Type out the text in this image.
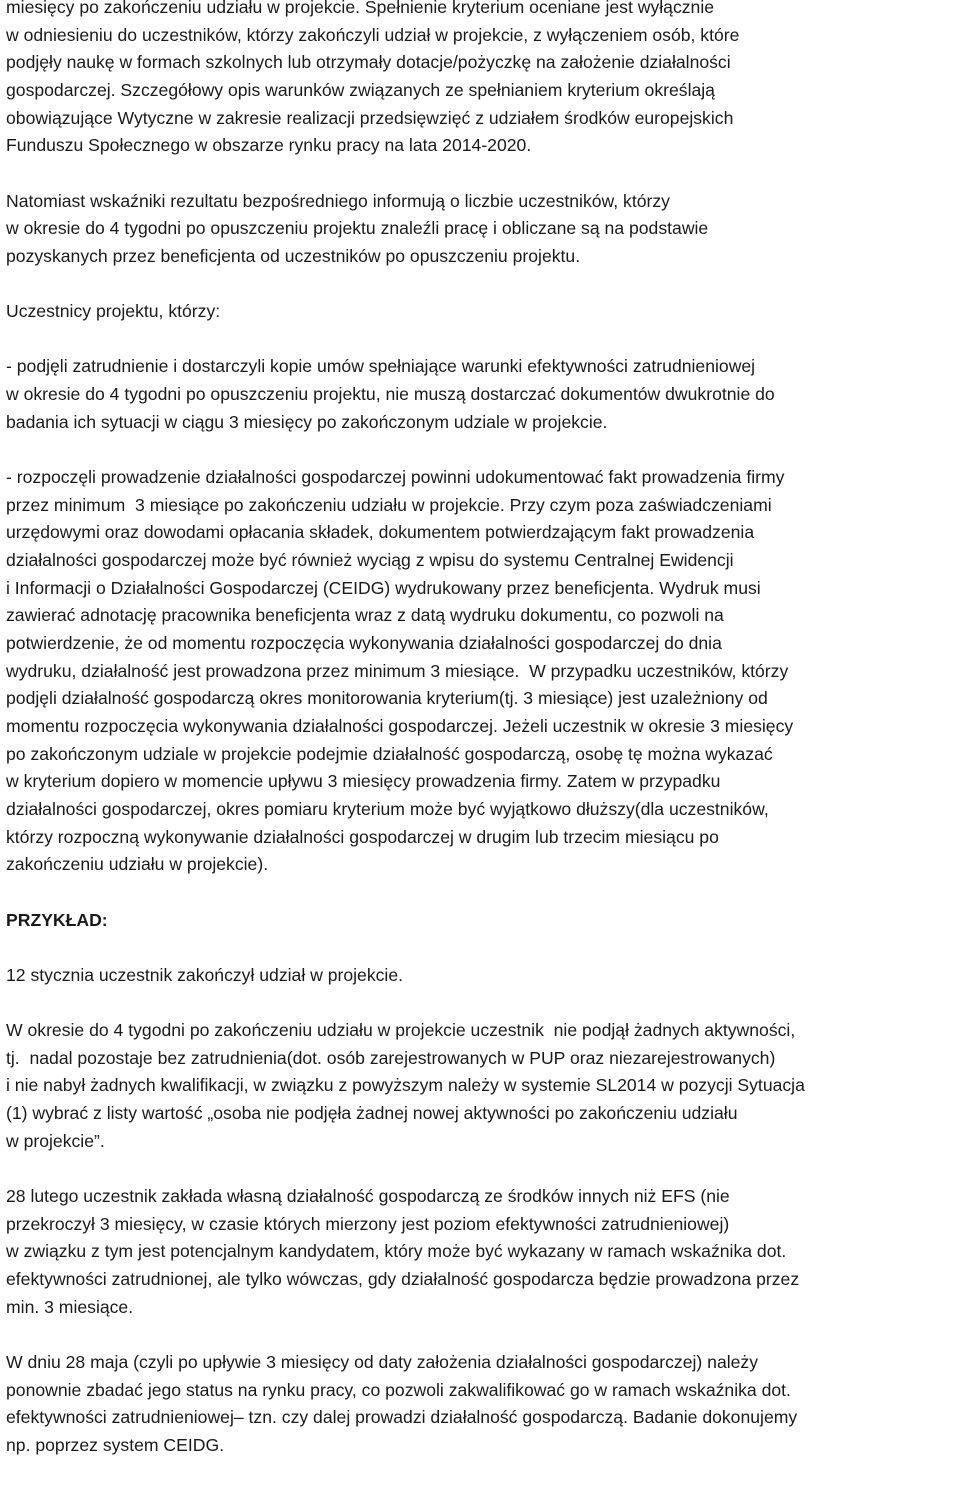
miesięcy po zakończeniu udziału w projekcie. Spełnienie kryterium oceniane jest wyłącznie
w odniesieniu do uczestników, którzy zakończyli udział w projekcie, z wyłączeniem osób, które
podjęły naukę w formach szkolnych lub otrzymały dotacje/pożyczkę na założenie działalności
gospodarczej. Szczegółowy opis warunków związanych ze spełnianiem kryterium określają
obowiązujące Wytyczne w zakresie realizacji przedsięwzięć z udziałem środków europejskich
Funduszu Społecznego w obszarze rynku pracy na lata 2014-2020.

Natomiast wskaźniki rezultatu bezpośredniego informują o liczbie uczestników, którzy
w okresie do 4 tygodni po opuszczeniu projektu znaleźli pracę i obliczane są na podstawie
pozyskanych przez beneficjenta od uczestników po opuszczeniu projektu.

Uczestnicy projektu, którzy:

- podjęli zatrudnienie i dostarczyli kopie umów spełniające warunki efektywności zatrudnieniowej
w okresie do 4 tygodni po opuszczeniu projektu, nie muszą dostarczać dokumentów dwukrotnie do
badania ich sytuacji w ciągu 3 miesięcy po zakończonym udziale w projekcie.

- rozpoczęli prowadzenie działalności gospodarczej powinni udokumentować fakt prowadzenia firmy
przez minimum  3 miesiące po zakończeniu udziału w projekcie. Przy czym poza zaświadczeniami
urzędowymi oraz dowodami opłacania składek, dokumentem potwierdzającym fakt prowadzenia
działalności gospodarczej może być również wyciąg z wpisu do systemu Centralnej Ewidencji
i Informacji o Działalności Gospodarczej (CEIDG) wydrukowany przez beneficjenta. Wydruk musi
zawierać adnotację pracownika beneficjenta wraz z datą wydruku dokumentu, co pozwoli na
potwierdzenie, że od momentu rozpoczęcia wykonywania działalności gospodarczej do dnia
wydruku, działalność jest prowadzona przez minimum 3 miesiące.  W przypadku uczestników, którzy
podjęli działalność gospodarczą okres monitorowania kryterium(tj. 3 miesiące) jest uzależniony od
momentu rozpoczęcia wykonywania działalności gospodarczej. Jeżeli uczestnik w okresie 3 miesięcy
po zakończonym udziale w projekcie podejmie działalność gospodarczą, osobę tę można wykazać
w kryterium dopiero w momencie upływu 3 miesięcy prowadzenia firmy. Zatem w przypadku
działalności gospodarczej, okres pomiaru kryterium może być wyjątkowo dłuższy(dla uczestników,
którzy rozpoczną wykonywanie działalności gospodarczej w drugim lub trzecim miesiącu po
zakończeniu udziału w projekcie).

PRZYKŁAD:

12 stycznia uczestnik zakończył udział w projekcie.

W okresie do 4 tygodni po zakończeniu udziału w projekcie uczestnik  nie podjął żadnych aktywności,
tj.  nadal pozostaje bez zatrudnienia(dot. osób zarejestrowanych w PUP oraz niezarejestrowanych)
i nie nabył żadnych kwalifikacji, w związku z powyższym należy w systemie SL2014 w pozycji Sytuacja
(1) wybrać z listy wartość „osoba nie podjęła żadnej nowej aktywności po zakończeniu udziału
w projekcie”.

28 lutego uczestnik zakłada własną działalność gospodarczą ze środków innych niż EFS (nie
przekroczył 3 miesięcy, w czasie których mierzony jest poziom efektywności zatrudnieniowej)
w związku z tym jest potencjalnym kandydatem, który może być wykazany w ramach wskaźnika dot.
efektywności zatrudnionej, ale tylko wówczas, gdy działalność gospodarcza będzie prowadzona przez
min. 3 miesiące.

W dniu 28 maja (czyli po upływie 3 miesięcy od daty założenia działalności gospodarczej) należy
ponownie zbadać jego status na rynku pracy, co pozwoli zakwalifikować go w ramach wskaźnika dot.
efektywności zatrudnieniowej– tzn. czy dalej prowadzi działalność gospodarczą. Badanie dokonujemy
np. poprzez system CEIDG.
